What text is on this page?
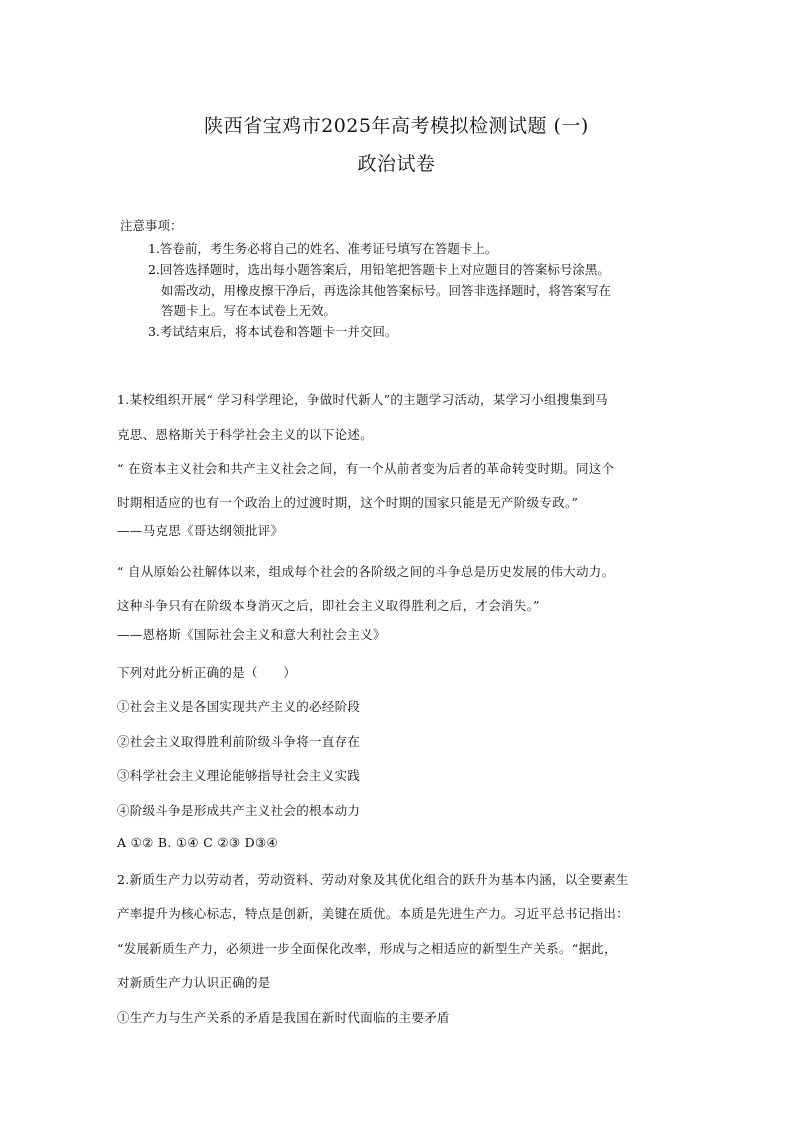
陕西省宝鸡市2025年高考模拟检测试题 (一)
政治试卷
注意事项：
1.答卷前，考生务必将自己的姓名、准考证号填写在答题卡上。
2.回答选择题时，选出每小题答案后，用铅笔把答题卡上对应题目的答案标号涂黑。
如需改动，用橡皮擦干净后，再选涂其他答案标号。回答非选择题时，将答案写在
答题卡上。写在本试卷上无效。
3.考试结束后，将本试卷和答题卡一并交回。
1.某校组织开展“ 学习科学理论，争做时代新人”的主题学习活动，某学习小组搜集到马
克思、恩格斯关于科学社会主义的以下论述。
“ 在资本主义社会和共产主义社会之间，有一个从前者变为后者的革命转变时期。同这个
时期相适应的也有一个政治上的过渡时期，这个时期的国家只能是无产阶级专政。”
——马克思《哥达纲领批评》
“ 自从原始公社解体以来，组成每个社会的各阶级之间的斗争总是历史发展的伟大动力。
这种斗争只有在阶级本身消灭之后，即社会主义取得胜利之后，才会消失。”
——恩格斯《国际社会主义和意大利社会主义》
下列对此分析正确的是（　　）
①社会主义是各国实现共产主义的必经阶段
②社会主义取得胜利前阶级斗争将一直存在
③科学社会主义理论能够指导社会主义实践
④阶级斗争是形成共产主义社会的根本动力
A ①② B. ①④ C ②③ D③④
2.新质生产力以劳动者，劳动资料、劳动对象及其优化组合的跃升为基本内涵，以全要素生
产率提升为核心标志，特点是创新，美键在质优。本质是先进生产力。习近平总书记指出：
“发展新质生产力，必须进一步全面保化改率，形成与之相适应的新型生产关系。“据此，
对新质生产力认识正确的是
①生产力与生产关系的矛盾是我国在新时代面临的主要矛盾
